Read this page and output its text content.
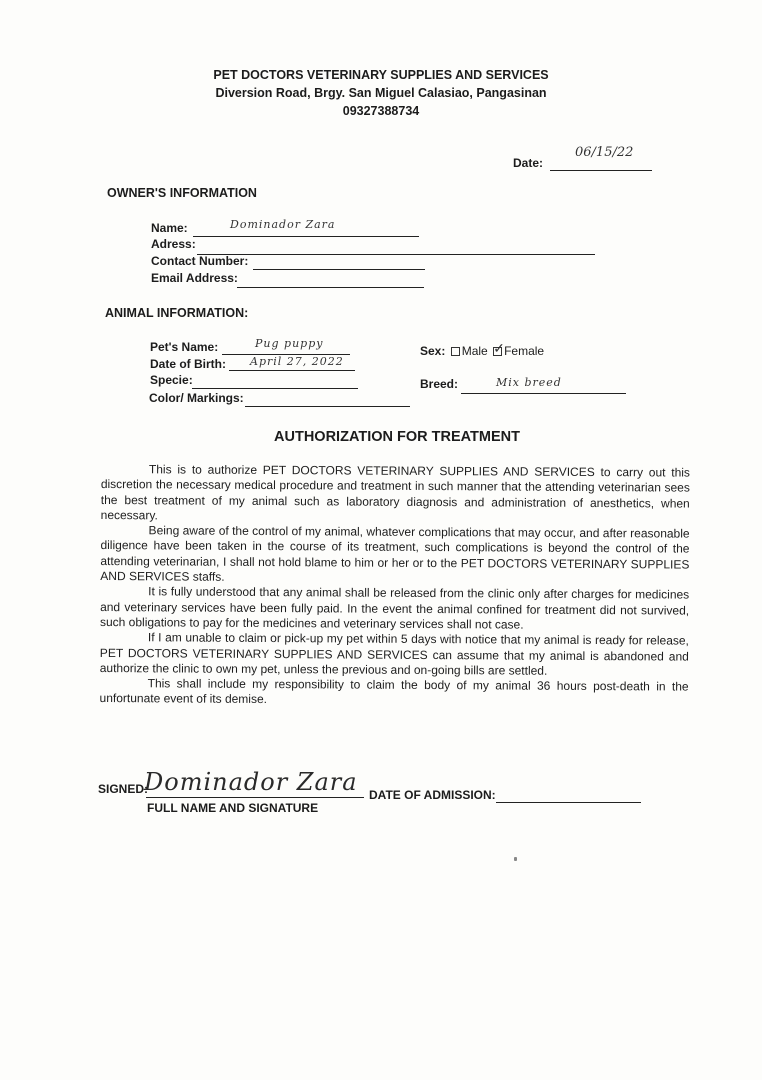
PET DOCTORS VETERINARY SUPPLIES AND SERVICES
Diversion Road, Brgy. San Miguel Calasiao, Pangasinan
09327388734
Date:
06/15/22
OWNER'S INFORMATION
Name:	Dominador Zara
Adress:
Contact Number:
Email Address:
ANIMAL INFORMATION:
Pet's Name:	Pug puppy
Date of Birth: April 27, 2022
Specie:
Color/ Markings:
Sex: Male ✓ Female
Breed:	Mix breed
AUTHORIZATION FOR TREATMENT

This is to authorize PET DOCTORS VETERINARY SUPPLIES AND SERVICES to carry out this discretion the necessary medical procedure and treatment in such manner that the attending veterinarian sees the best treatment of my animal such as laboratory diagnosis and administration of anesthetics, when necessary.

Being aware of the control of my animal, whatever complications that may occur, and after reasonable diligence have been taken in the course of its treatment, such complications is beyond the control of the attending veterinarian, I shall not hold blame to him or her or to the PET DOCTORS VETERINARY SUPPLIES AND SERVICES staffs.

It is fully understood that any animal shall be released from the clinic only after charges for medicines and veterinary services have been fully paid. In the event the animal confined for treatment did not survived, such obligations to pay for the medicines and veterinary services shall not case.

If I am unable to claim or pick-up my pet within 5 days with notice that my animal is ready for release, PET DOCTORS VETERINARY SUPPLIES AND SERVICES can assume that my animal is abandoned and authorize the clinic to own my pet, unless the previous and on-going bills are settled.

This shall include my responsibility to claim the body of my animal 36 hours post-death in the unfortunate event of its demise.

SIGNED:
Dominador Zara
FULL NAME AND SIGNATURE
DATE OF ADMISSION:
